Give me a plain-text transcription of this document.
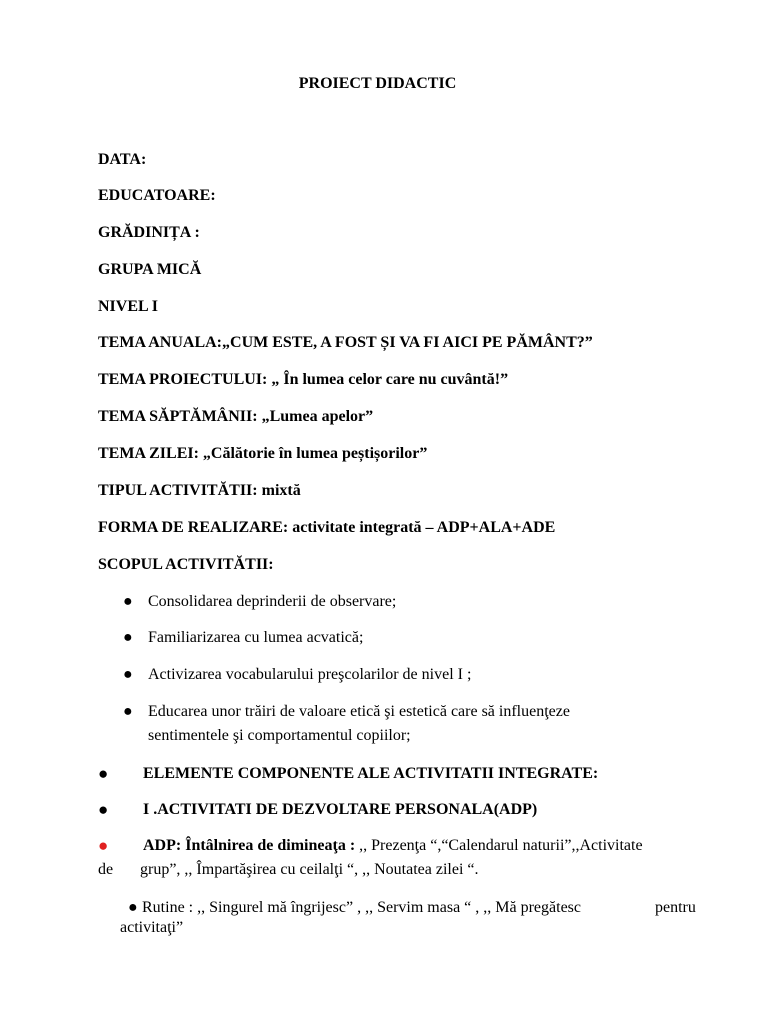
PROIECT DIDACTIC
DATA:
EDUCATOARE:
GRĂDINIȚA :
GRUPA MICĂ
NIVEL I
TEMA ANUALA:„CUM ESTE, A FOST ȘI VA FI AICI PE PĂMÂNT?”
TEMA PROIECTULUI: „ În lumea celor care nu cuvântă!”
TEMA SĂPTĂMÂNII: „Lumea apelor”
TEMA ZILEI: „Călătorie în lumea peștișorilor”
TIPUL ACTIVITĂTII: mixtă
FORMA DE REALIZARE: activitate integrată – ADP+ALA+ADE
SCOPUL ACTIVITĂTII:
● Consolidarea deprinderii de observare;
● Familiarizarea cu lumea acvatică;
● Activizarea vocabularului preşcolarilor de nivel I ;
● Educarea unor trăiri de valoare etică şi estetică care să influenţeze
sentimentele şi comportamentul copiilor;
● ELEMENTE COMPONENTE ALE ACTIVITATII INTEGRATE:
● I .ACTIVITATI DE DEZVOLTARE PERSONALA(ADP)
● ADP: Întâlnirea de dimineaţa : ,, Prezenţa “,“Calendarul naturii”,,Activitate
de grup”, ,, Împartăşirea cu ceilalţi “, ,, Noutatea zilei “.
● Rutine : ,, Singurel mă îngrijesc” , ,, Servim masa “ , ,, Mă pregătesc	pentru
activitaţi”
